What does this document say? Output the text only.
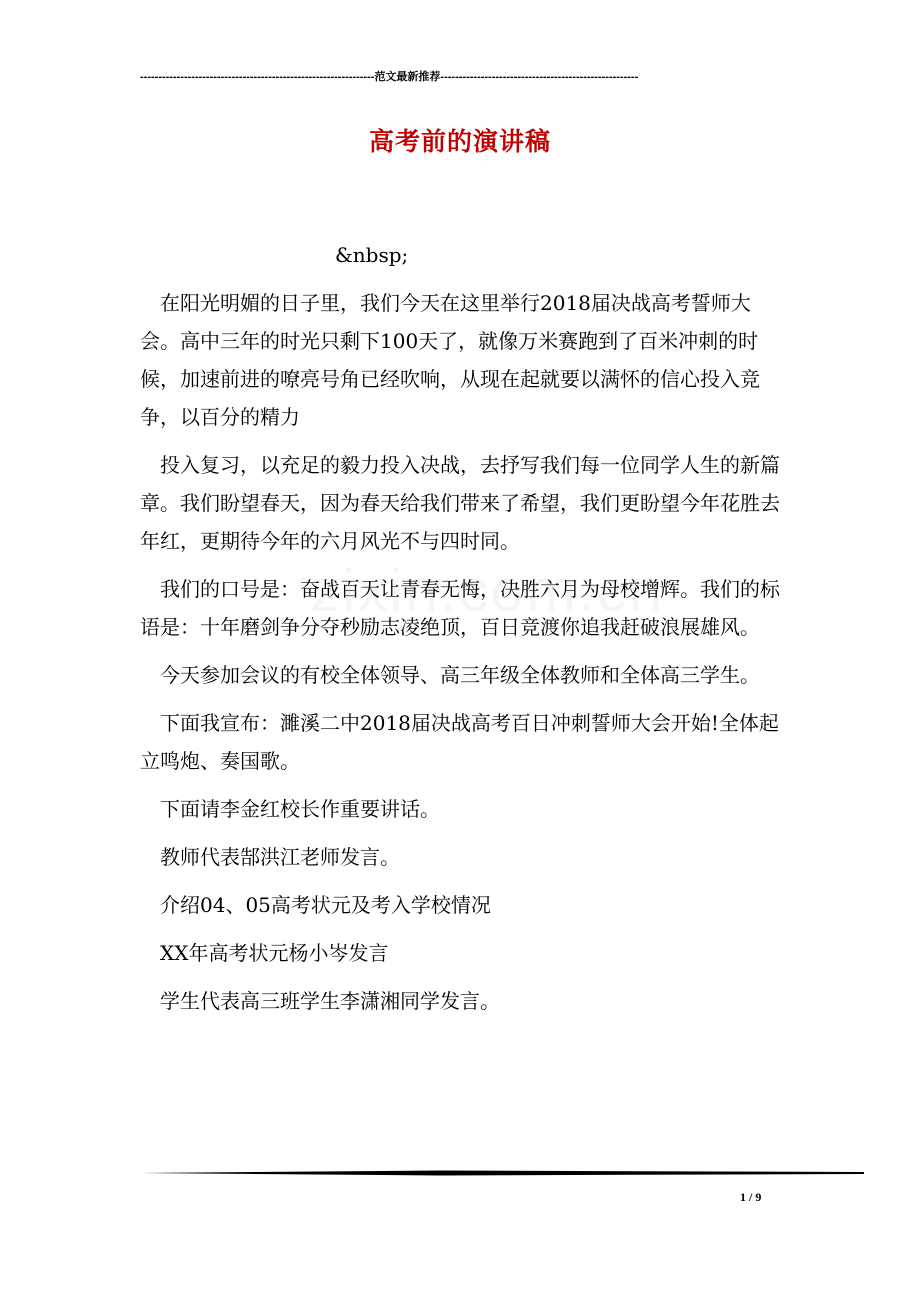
----------------------------------------------------------------范文最新推荐------------------------------------------------------
高考前的演讲稿

&nbsp;

在阳光明媚的日子里，我们今天在这里举行2018届决战高考誓师大会。高中三年的时光只剩下100天了，就像万米赛跑到了百米冲刺的时候，加速前进的嘹亮号角已经吹响，从现在起就要以满怀的信心投入竞争，以百分的精力

投入复习，以充足的毅力投入决战，去抒写我们每一位同学人生的新篇章。我们盼望春天，因为春天给我们带来了希望，我们更盼望今年花胜去年红，更期待今年的六月风光不与四时同。

我们的口号是：奋战百天让青春无悔，决胜六月为母校增辉。我们的标语是：十年磨剑争分夺秒励志凌绝顶，百日竞渡你追我赶破浪展雄风。

今天参加会议的有校全体领导、高三年级全体教师和全体高三学生。

下面我宣布：濉溪二中2018届决战高考百日冲刺誓师大会开始!全体起立鸣炮、奏国歌。

下面请李金红校长作重要讲话。

教师代表郜洪江老师发言。

介绍04、05高考状元及考入学校情况

XX年高考状元杨小岑发言

学生代表高三班学生李潇湘同学发言。

1 / 9
